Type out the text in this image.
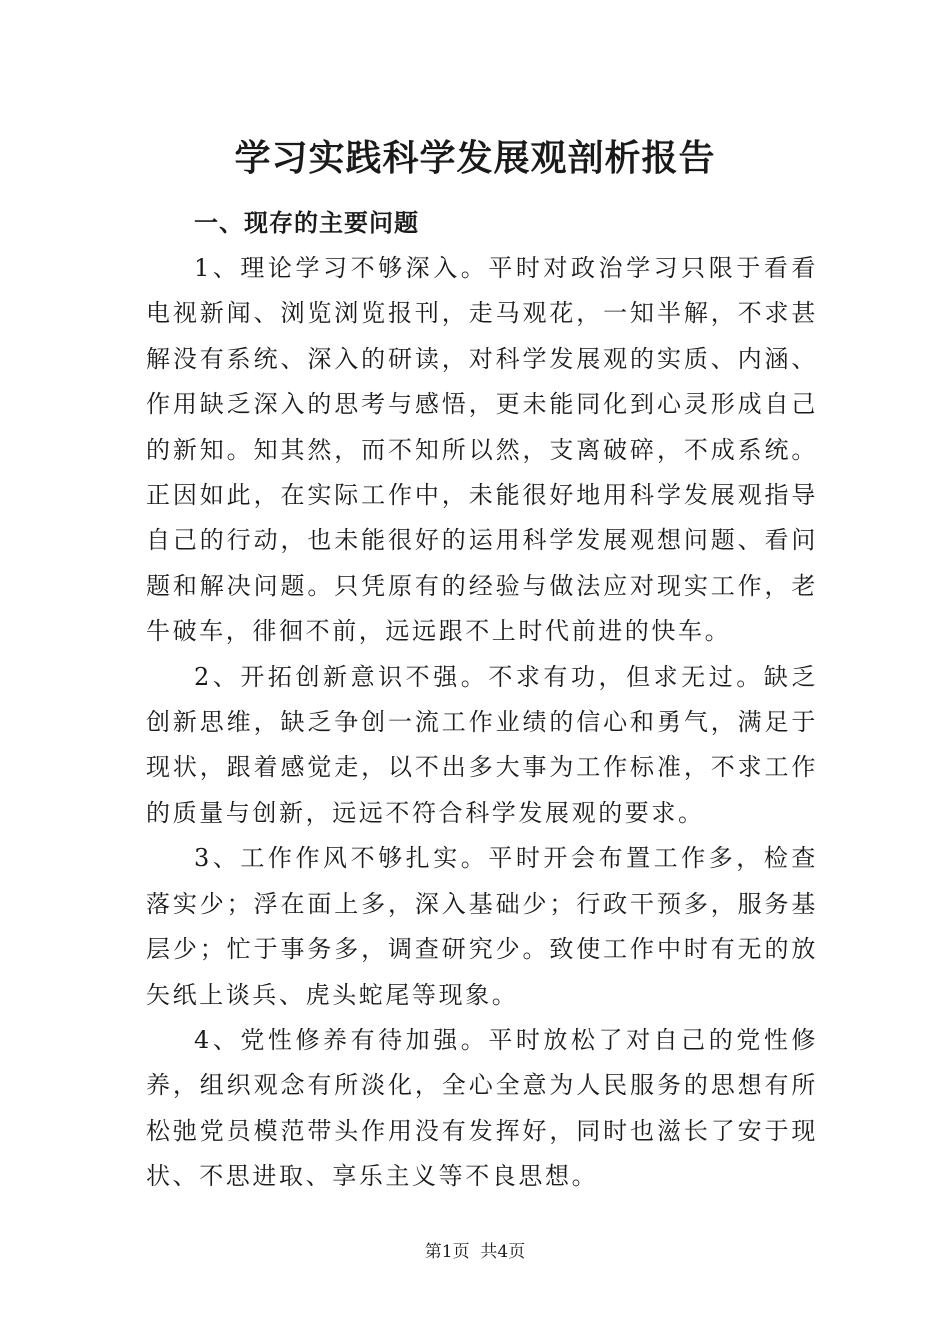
学习实践科学发展观剖析报告

一、现存的主要问题

1、理论学习不够深入。平时对政治学习只限于看看电视新闻、浏览浏览报刊，走马观花，一知半解，不求甚解没有系统、深入的研读，对科学发展观的实质、内涵、作用缺乏深入的思考与感悟，更未能同化到心灵形成自己的新知。知其然，而不知所以然，支离破碎，不成系统。正因如此，在实际工作中，未能很好地用科学发展观指导自己的行动，也未能很好的运用科学发展观想问题、看问题和解决问题。只凭原有的经验与做法应对现实工作，老牛破车，徘徊不前，远远跟不上时代前进的快车。

2、开拓创新意识不强。不求有功，但求无过。缺乏创新思维，缺乏争创一流工作业绩的信心和勇气，满足于现状，跟着感觉走，以不出多大事为工作标准，不求工作的质量与创新，远远不符合科学发展观的要求。

3、工作作风不够扎实。平时开会布置工作多，检查落实少；浮在面上多，深入基础少；行政干预多，服务基层少；忙于事务多，调查研究少。致使工作中时有无的放矢纸上谈兵、虎头蛇尾等现象。

4、党性修养有待加强。平时放松了对自己的党性修养，组织观念有所淡化，全心全意为人民服务的思想有所松弛党员模范带头作用没有发挥好，同时也滋长了安于现状、不思进取、享乐主义等不良思想。

第1页 共4页
